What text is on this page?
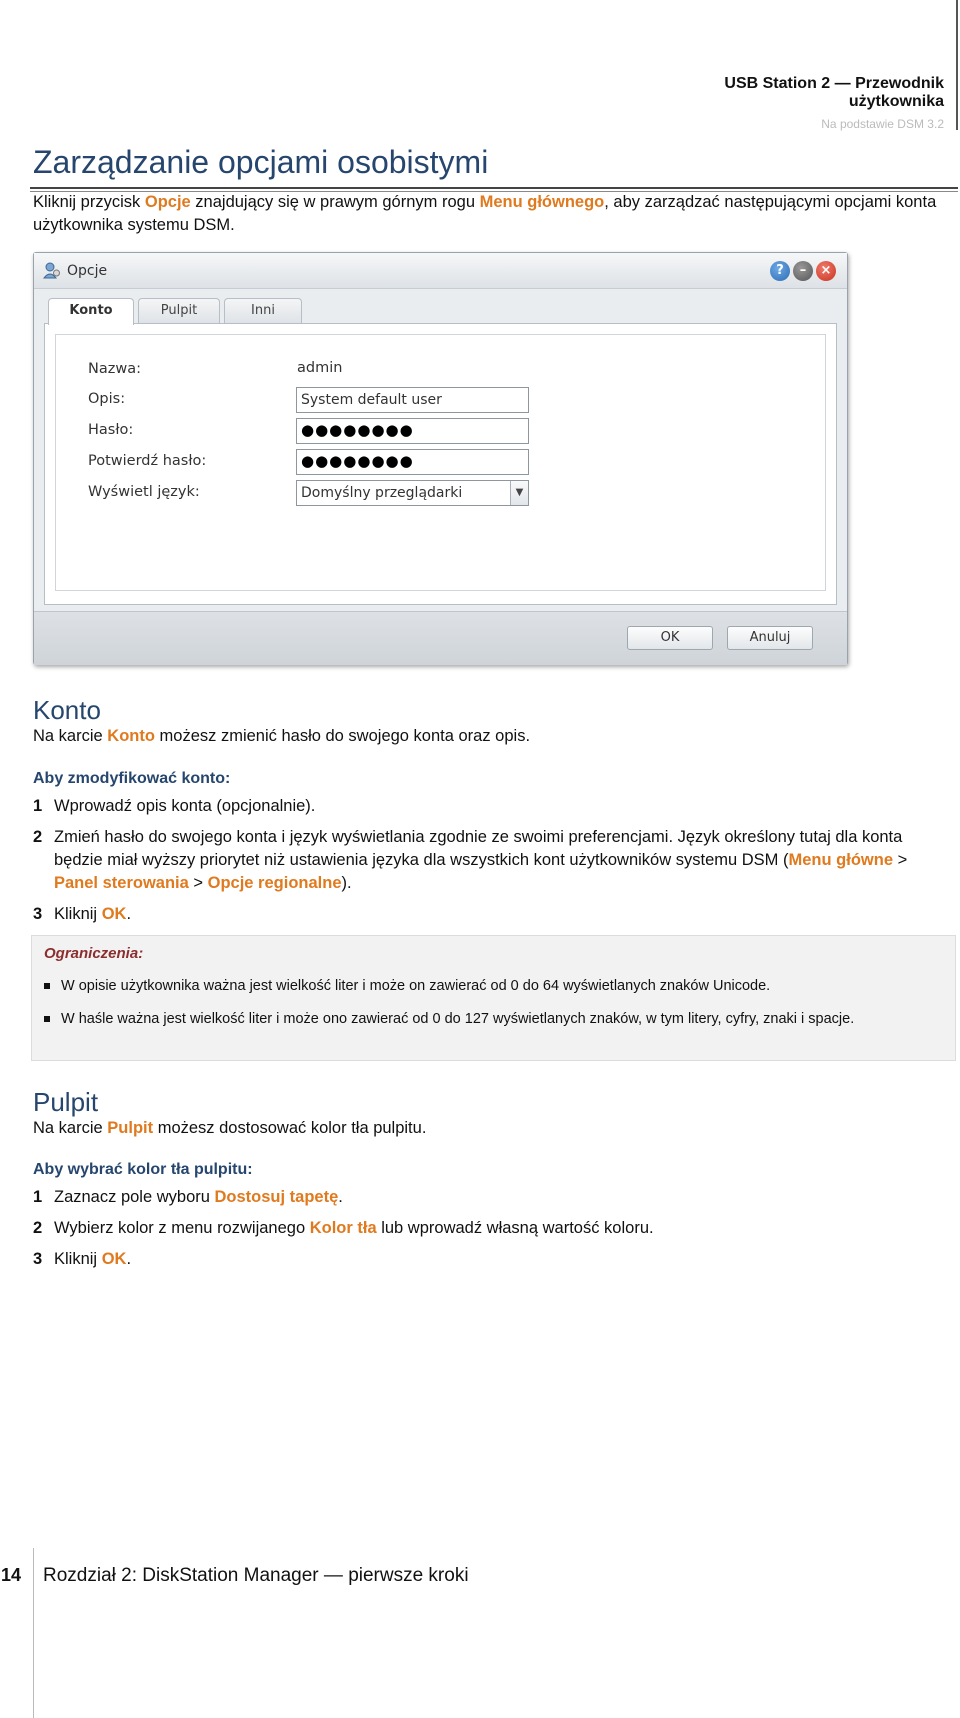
USB Station 2 — Przewodnik użytkownika
Na podstawie DSM 3.2
Zarządzanie opcjami osobistymi
Kliknij przycisk Opcje znajdujący się w prawym górnym rogu Menu głównego, aby zarządzać następującymi opcjami konta użytkownika systemu DSM.
Opcje	?	–	×
Konto	Pulpit	Inni
Nazwa:	admin
Opis:	System default user
Hasło:	●●●●●●●●
Potwierdź hasło:	●●●●●●●●
Wyświetl język:	Domyślny przeglądarki	▼
OK	Anuluj
Konto
Na karcie Konto możesz zmienić hasło do swojego konta oraz opis.
Aby zmodyfikować konto:
1 Wprowadź opis konta (opcjonalnie).
2 Zmień hasło do swojego konta i język wyświetlania zgodnie ze swoimi preferencjami. Język określony tutaj dla konta będzie miał wyższy priorytet niż ustawienia języka dla wszystkich kont użytkowników systemu DSM (Menu główne > Panel sterowania > Opcje regionalne).
3 Kliknij OK.
Ograniczenia:
W opisie użytkownika ważna jest wielkość liter i może on zawierać od 0 do 64 wyświetlanych znaków Unicode.
W haśle ważna jest wielkość liter i może ono zawierać od 0 do 127 wyświetlanych znaków, w tym litery, cyfry, znaki i spacje.
Pulpit
Na karcie Pulpit możesz dostosować kolor tła pulpitu.
Aby wybrać kolor tła pulpitu:
1 Zaznacz pole wyboru Dostosuj tapetę.
2 Wybierz kolor z menu rozwijanego Kolor tła lub wprowadź własną wartość koloru.
3 Kliknij OK.
14 Rozdział 2: DiskStation Manager — pierwsze kroki
